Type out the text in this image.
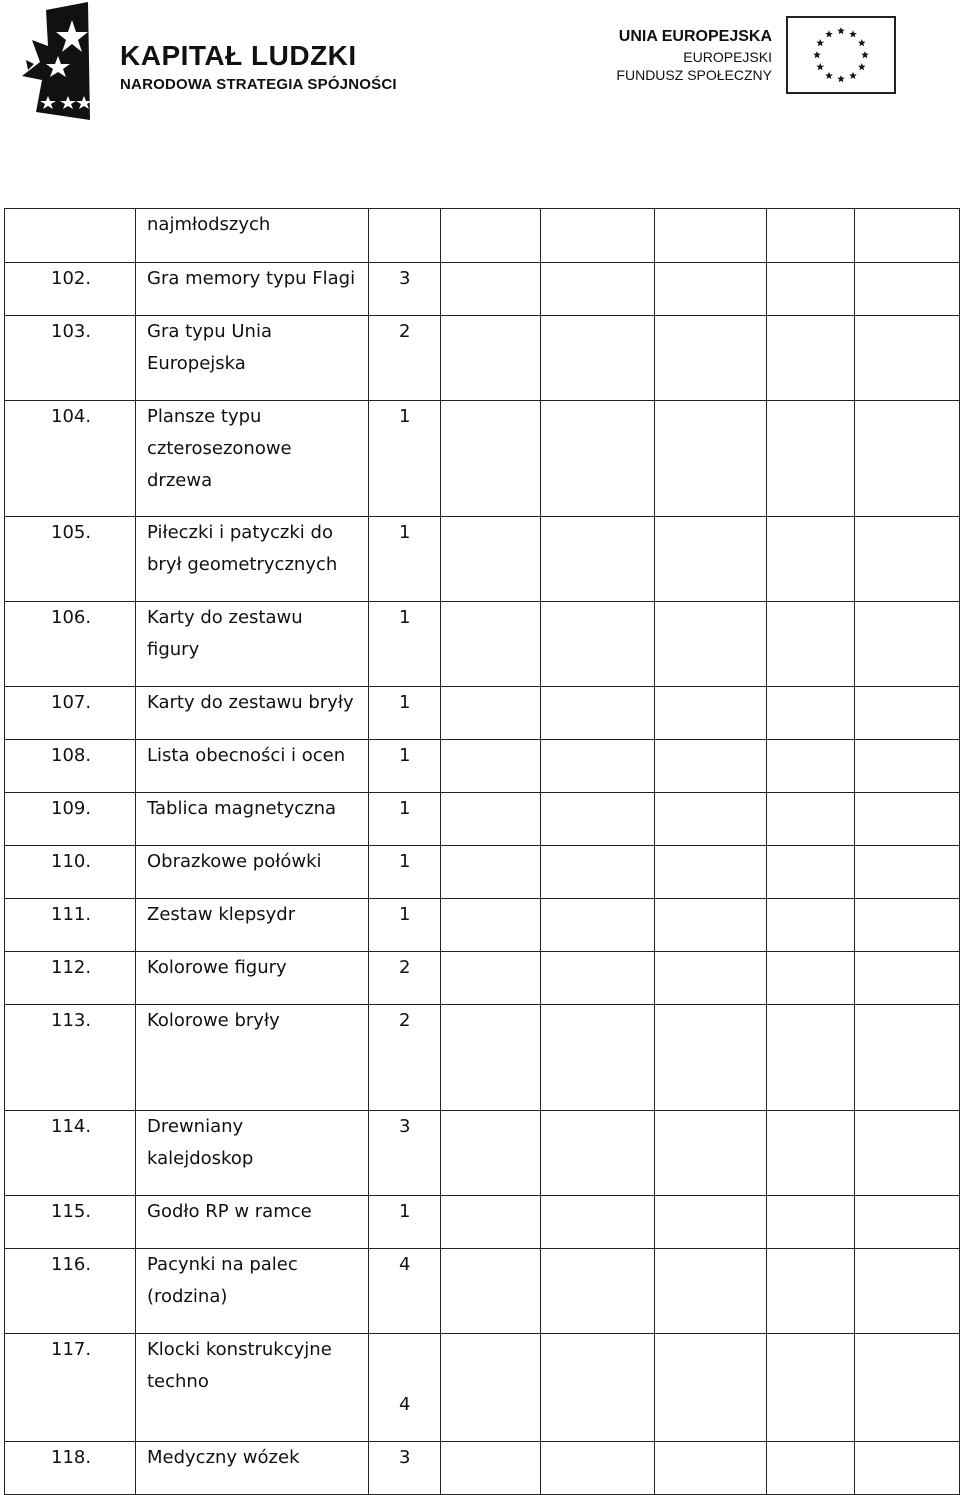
KAPITAŁ LUDZKI
NARODOWA STRATEGIA SPÓJNOŚCI
UNIA EUROPEJSKA
EUROPEJSKI
FUNDUSZ SPOŁECZNY

	najmłodszych						

102.	Gra memory typu Flagi	3					
103.	Gra typu Unia
Europejska	2					
104.	Plansze typu
czterosezonowe
drzewa	1					
105.	Piłeczki i patyczki do
brył geometrycznych	1					
106.	Karty do zestawu
figury	1					
107.	Karty do zestawu bryły	1					
108.	Lista obecności i ocen	1					
109.	Tablica magnetyczna	1					
110.	Obrazkowe połówki	1					
111.	Zestaw klepsydr	1					
112.	Kolorowe figury	2					
113.	Kolorowe bryły	2					
114.	Drewniany
kalejdoskop	3					
115.	Godło RP w ramce	1					
116.	Pacynki na palec
(rodzina)	4					
117.	Klocki konstrukcyjne
techno	4					
118.	Medyczny wózek	3					
